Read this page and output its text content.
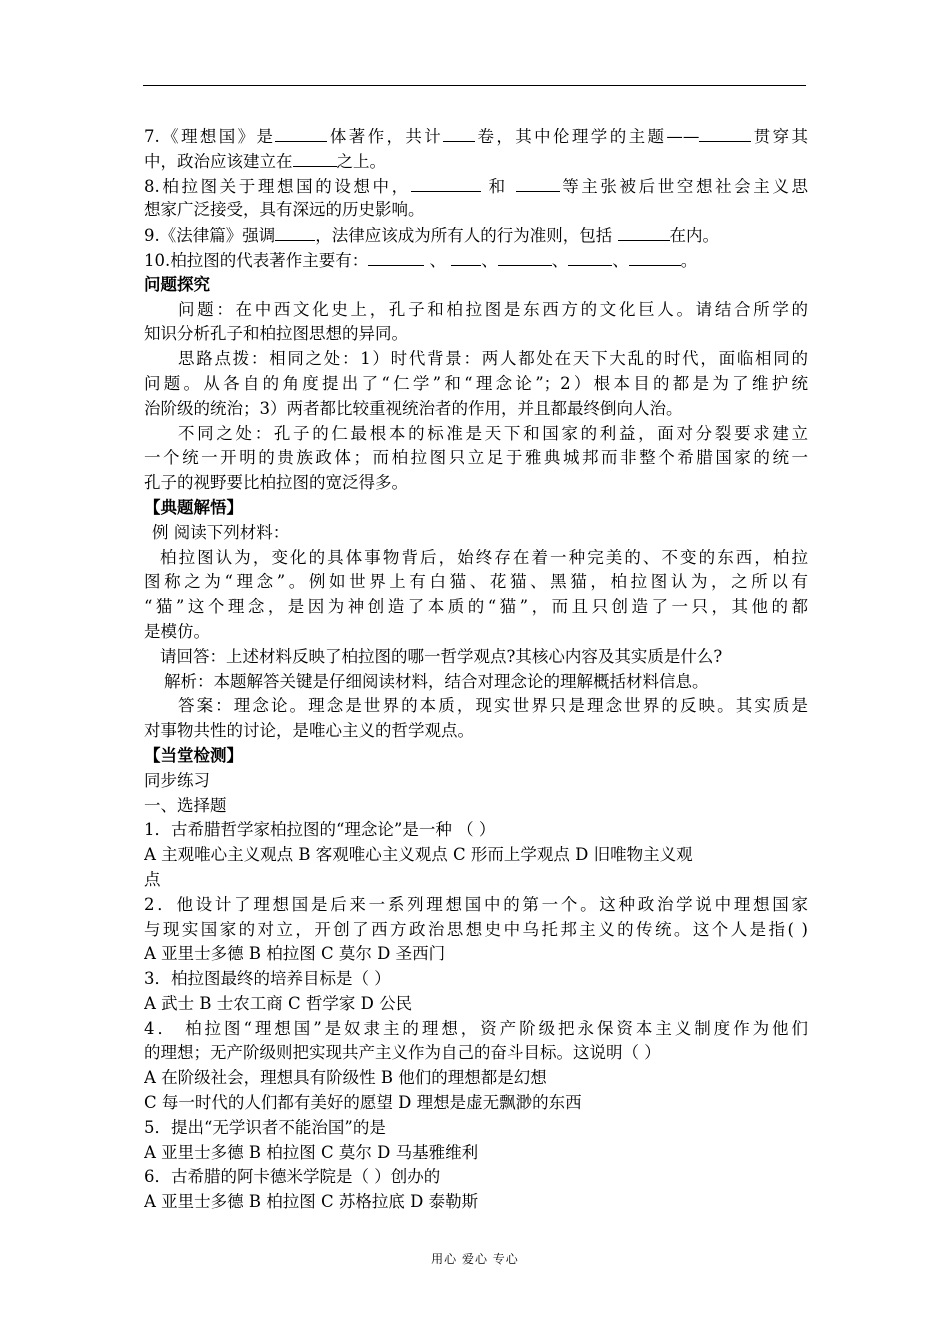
7.《理想国》是	体著作，共计 卷，其中伦理学的主题——	贯穿其
中，政治应该建立在	之上。
8.柏拉图关于理想国的设想中，	和	等主张被后世空想社会主义思
想家广泛接受，具有深远的历史影响。
9.《法律篇》强调 ，法律应该成为所有人的行为准则，包括	在内。
10.柏拉图的代表著作主要有：	、 、	、	、	。
问题探究
问题：在中西文化史上，孔子和柏拉图是东西方的文化巨人。请结合所学的
知识分析孔子和柏拉图思想的异同。
思路点拨：相同之处：1）时代背景：两人都处在天下大乱的时代，面临相同的
问题。从各自的角度提出了“仁学”和“理念论”；2）根本目的都是为了维护统
治阶级的统治；3）两者都比较重视统治者的作用，并且都最终倒向人治。
不同之处：孔子的仁最根本的标准是天下和国家的利益，面对分裂要求建立
一个统一开明的贵族政体；而柏拉图只立足于雅典城邦而非整个希腊国家的统一
孔子的视野要比柏拉图的宽泛得多。
【典题解悟】
例 阅读下列材料：
柏拉图认为，变化的具体事物背后，始终存在着一种完美的、不变的东西，柏拉
图称之为“理念”。例如世界上有白猫、花猫、黑猫，柏拉图认为，之所以有
“猫”这个理念，是因为神创造了本质的“猫”，而且只创造了一只，其他的都
是模仿。
请回答：上述材料反映了柏拉图的哪一哲学观点?其核心内容及其实质是什么?
解析：本题解答关键是仔细阅读材料，结合对理念论的理解概括材料信息。
答案：理念论。理念是世界的本质，现实世界只是理念世界的反映。其实质是
对事物共性的讨论，是唯心主义的哲学观点。
【当堂检测】
同步练习
一、选择题
1．古希腊哲学家柏拉图的“理念论”是一种 （ ）
A 主观唯心主义观点 B 客观唯心主义观点 C 形而上学观点 D 旧唯物主义观
点
2．他设计了理想国是后来一系列理想国中的第一个。这种政治学说中理想国家
与现实国家的对立，开创了西方政治思想史中乌托邦主义的传统。这个人是指( )
A 亚里士多德 B 柏拉图 C 莫尔 D 圣西门
3．柏拉图最终的培养目标是（ ）
A 武士 B 士农工商 C 哲学家 D 公民
4． 柏拉图“理想国”是奴隶主的理想，资产阶级把永保资本主义制度作为他们
的理想；无产阶级则把实现共产主义作为自己的奋斗目标。这说明（ ）
A 在阶级社会，理想具有阶级性 B 他们的理想都是幻想
C 每一时代的人们都有美好的愿望 D 理想是虚无飘渺的东西
5．提出“无学识者不能治国”的是
A 亚里士多德 B 柏拉图 C 莫尔 D 马基雅维利
6．古希腊的阿卡德米学院是（ ）创办的
A 亚里士多德 B 柏拉图 C 苏格拉底 D 泰勒斯
用心 爱心 专心
